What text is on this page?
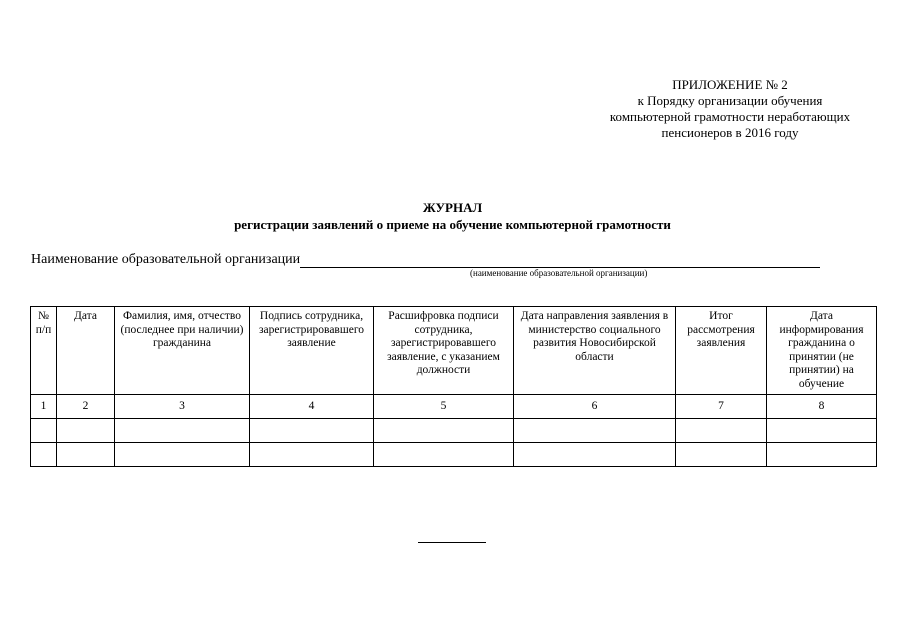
ПРИЛОЖЕНИЕ № 2
к Порядку организации обучения
компьютерной грамотности неработающих
пенсионеров в 2016 году
ЖУРНАЛ
регистрации заявлений о приеме на обучение компьютерной грамотности
Наименование образовательной организации
(наименование образовательной организации)
№ п/п	Дата	Фамилия, имя, отчество (последнее при наличии) гражданина	Подпись сотрудника, зарегистрировавшего заявление	Расшифровка подписи сотрудника, зарегистрировавшего заявление, с указанием должности	Дата направления заявления в министерство социального развития Новосибирской области	Итог рассмотрения заявления	Дата информирования гражданина о принятии (не принятии) на обучение
1	2	3	4	5	6	7	8
